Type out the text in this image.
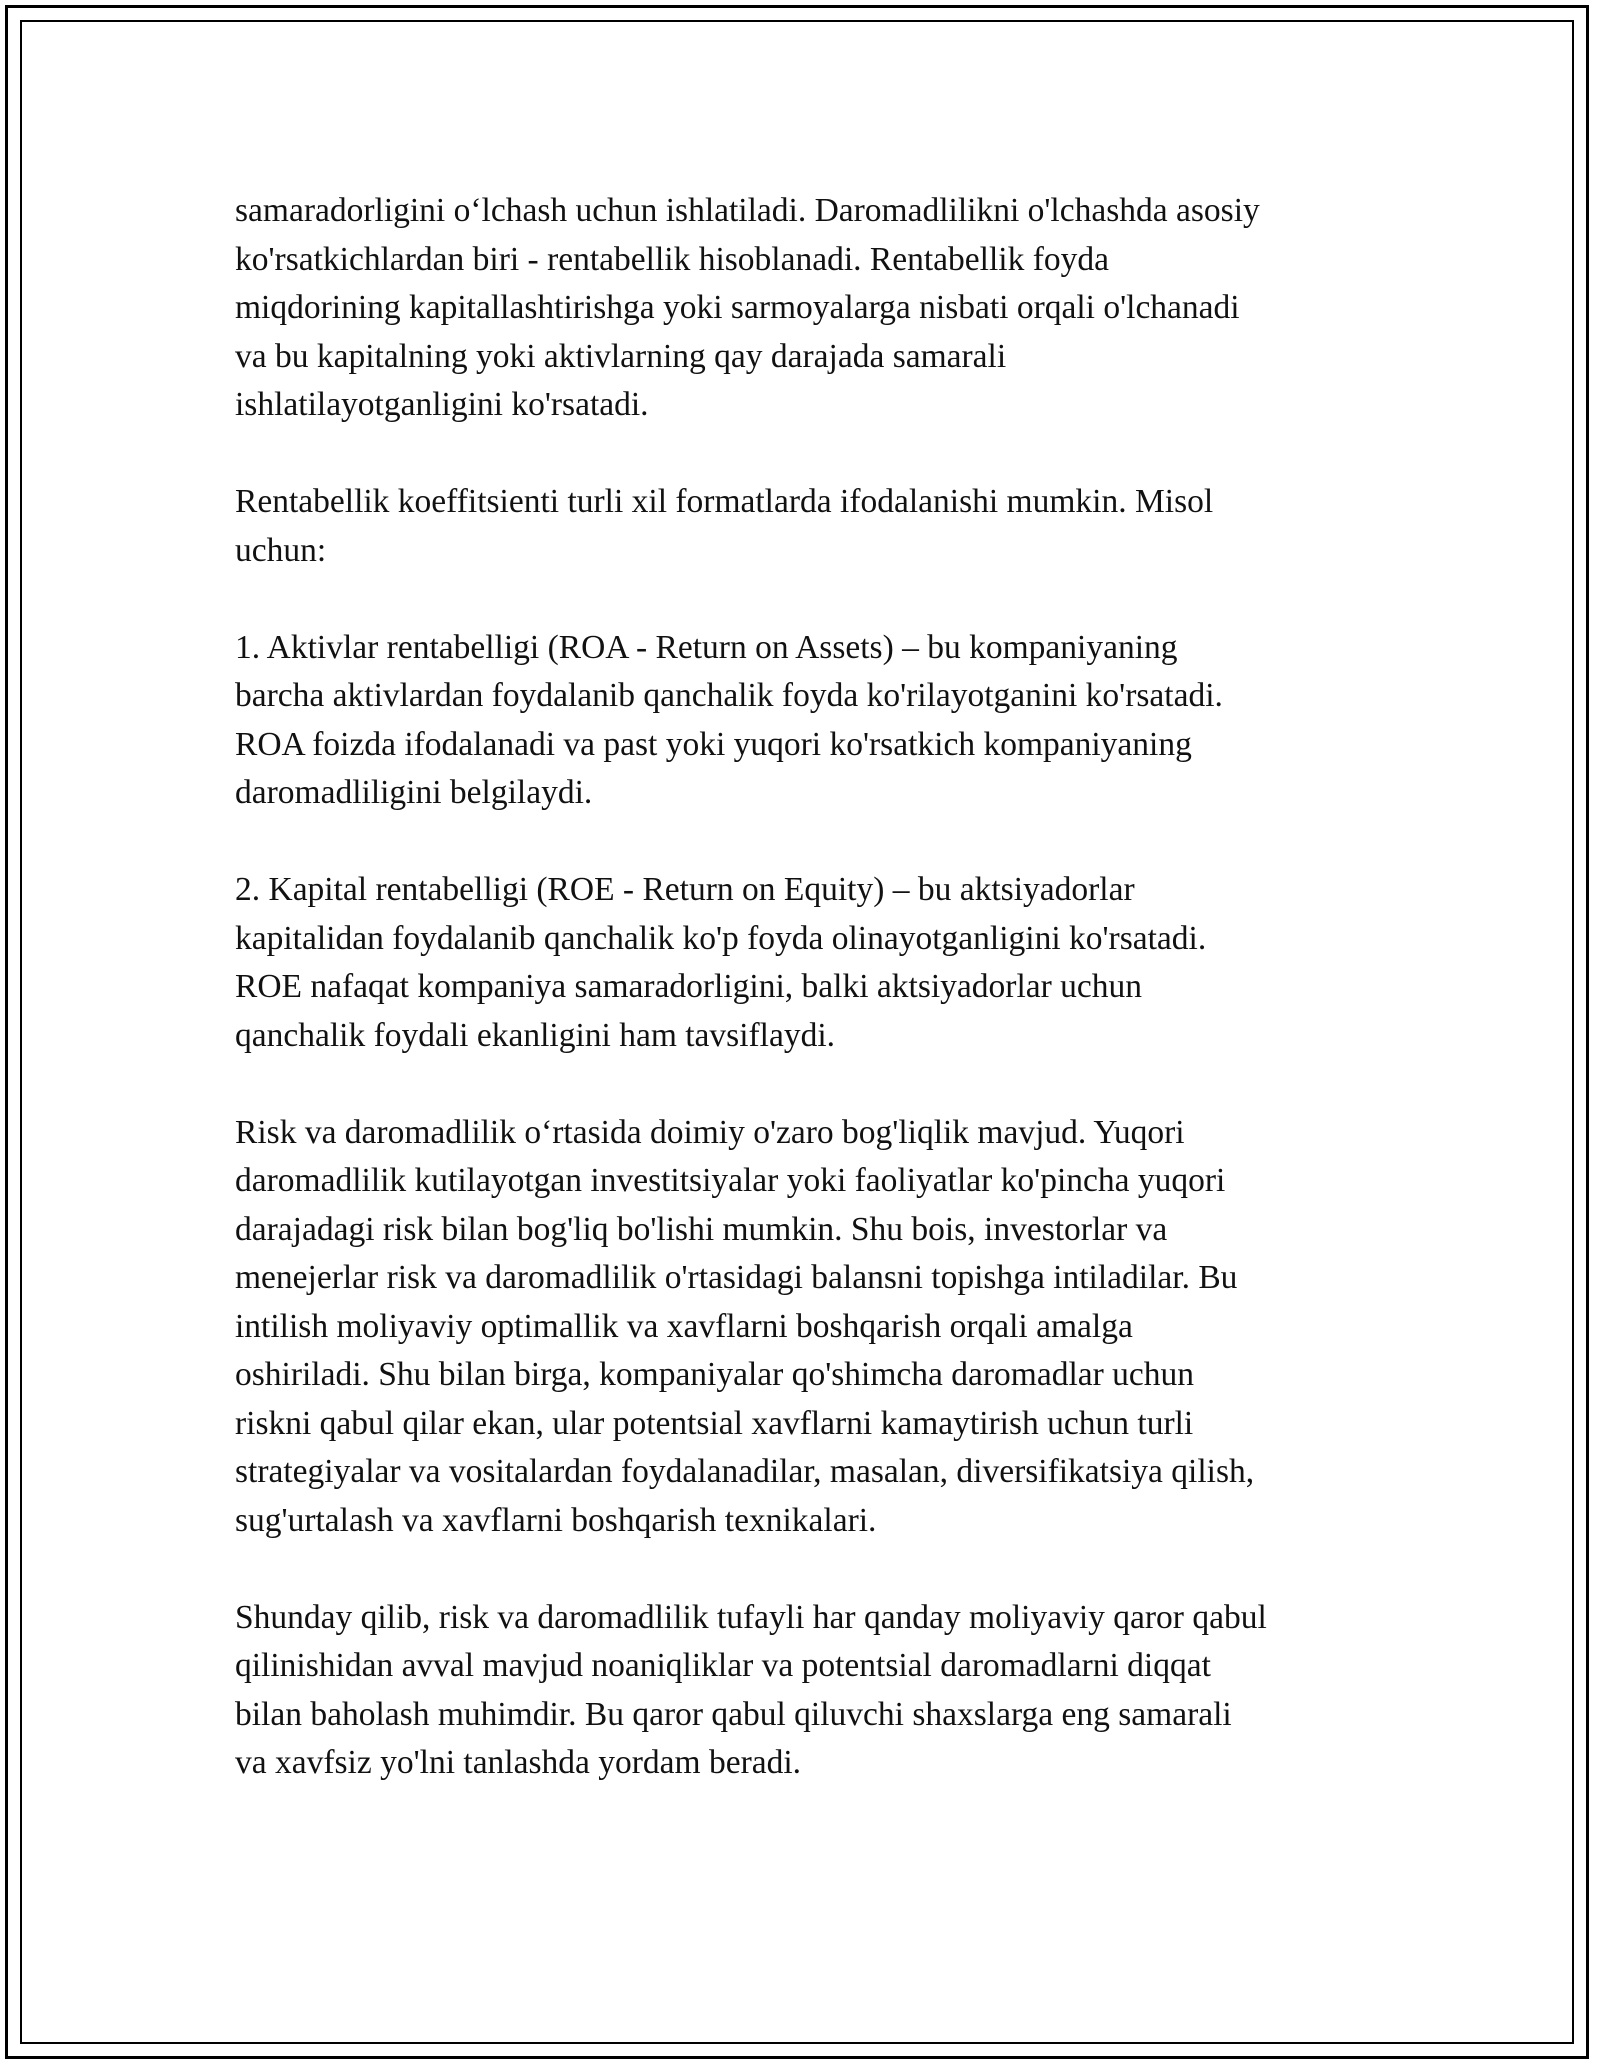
samaradorligini o‘lchash uchun ishlatiladi. Daromadlilikni o'lchashda asosiy
ko'rsatkichlardan biri - rentabellik hisoblanadi. Rentabellik foyda
miqdorining kapitallashtirishga yoki sarmoyalarga nisbati orqali o'lchanadi
va bu kapitalning yoki aktivlarning qay darajada samarali
ishlatilayotganligini ko'rsatadi.

Rentabellik koeffitsienti turli xil formatlarda ifodalanishi mumkin. Misol
uchun:

1. Aktivlar rentabelligi (ROA - Return on Assets) – bu kompaniyaning
barcha aktivlardan foydalanib qanchalik foyda ko'rilayotganini ko'rsatadi.
ROA foizda ifodalanadi va past yoki yuqori ko'rsatkich kompaniyaning
daromadliligini belgilaydi.

2. Kapital rentabelligi (ROE - Return on Equity) – bu aktsiyadorlar
kapitalidan foydalanib qanchalik ko'p foyda olinayotganligini ko'rsatadi.
ROE nafaqat kompaniya samaradorligini, balki aktsiyadorlar uchun
qanchalik foydali ekanligini ham tavsiflaydi.

Risk va daromadlilik o‘rtasida doimiy o'zaro bog'liqlik mavjud. Yuqori
daromadlilik kutilayotgan investitsiyalar yoki faoliyatlar ko'pincha yuqori
darajadagi risk bilan bog'liq bo'lishi mumkin. Shu bois, investorlar va
menejerlar risk va daromadlilik o'rtasidagi balansni topishga intiladilar. Bu
intilish moliyaviy optimallik va xavflarni boshqarish orqali amalga
oshiriladi. Shu bilan birga, kompaniyalar qo'shimcha daromadlar uchun
riskni qabul qilar ekan, ular potentsial xavflarni kamaytirish uchun turli
strategiyalar va vositalardan foydalanadilar, masalan, diversifikatsiya qilish,
sug'urtalash va xavflarni boshqarish texnikalari.

Shunday qilib, risk va daromadlilik tufayli har qanday moliyaviy qaror qabul
qilinishidan avval mavjud noaniqliklar va potentsial daromadlarni diqqat
bilan baholash muhimdir. Bu qaror qabul qiluvchi shaxslarga eng samarali
va xavfsiz yo'lni tanlashda yordam beradi.
